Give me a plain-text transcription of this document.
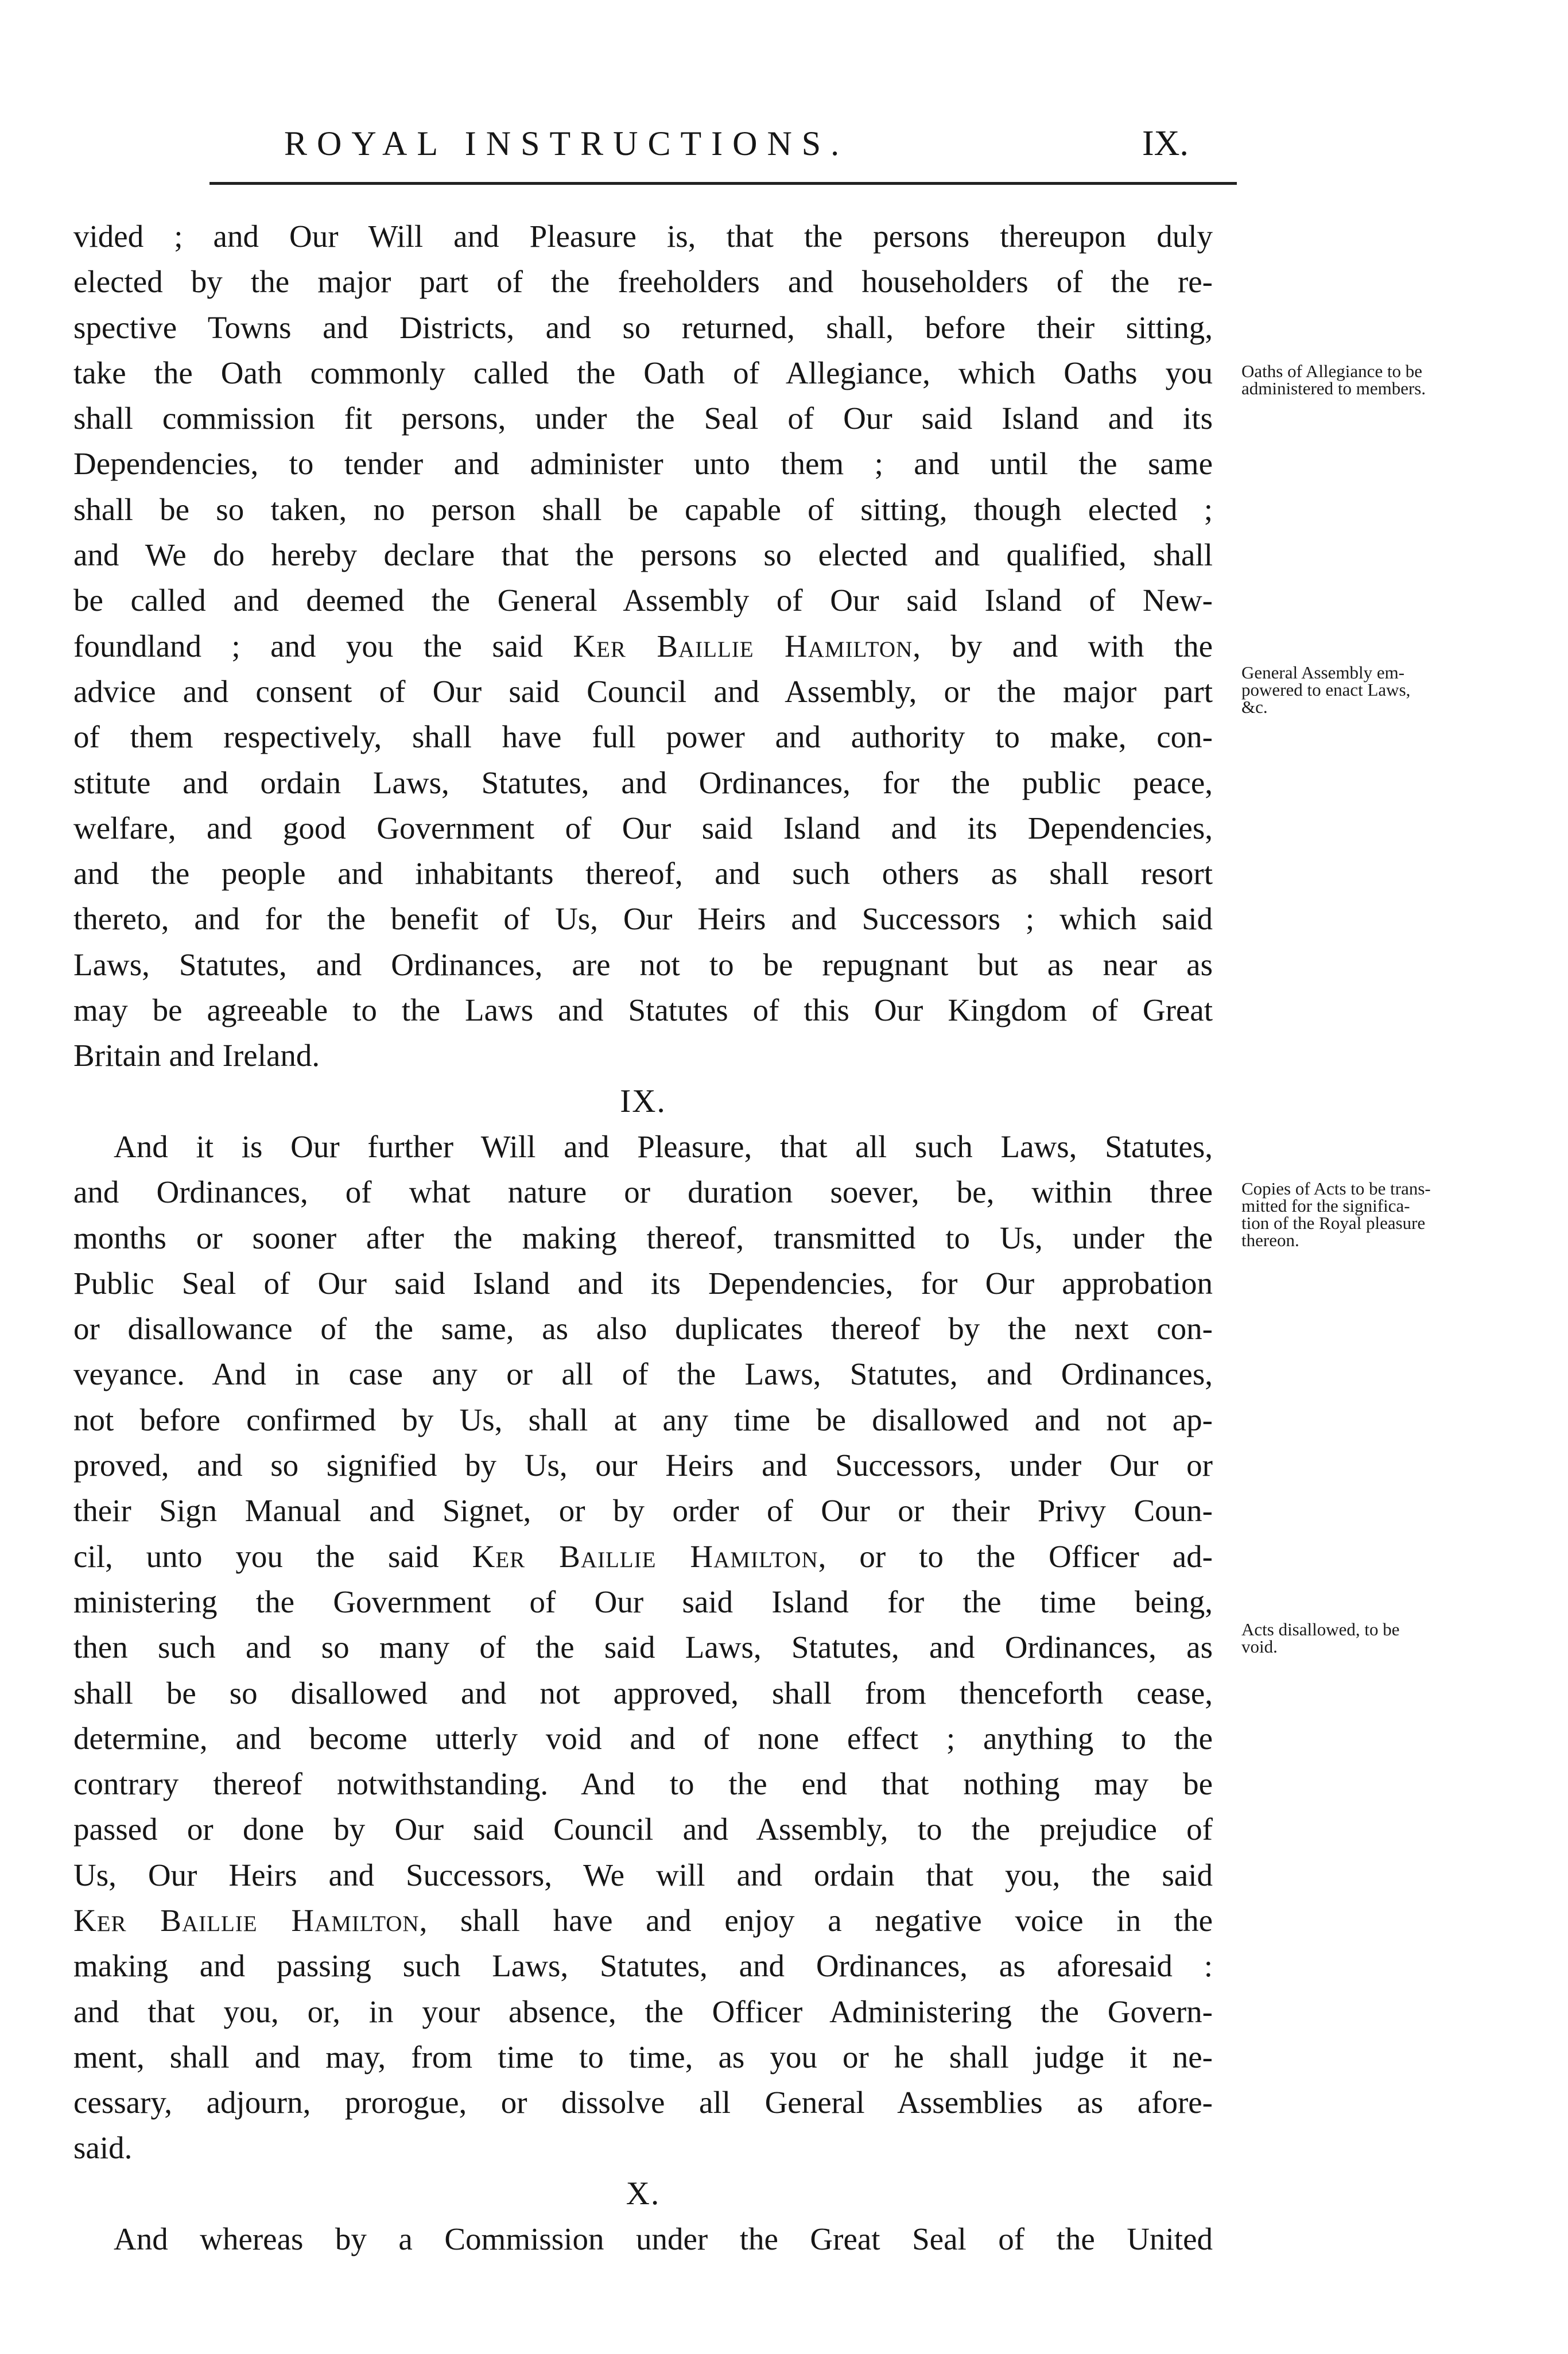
ROYAL INSTRUCTIONS.	IX.
vided ; and Our Will and Pleasure is, that the persons thereupon duly
elected by the major part of the freeholders and householders of the re-
spective Towns and Districts, and so returned, shall, before their sitting,
take the Oath commonly called the Oath of Allegiance, which Oaths you
shall commission fit persons, under the Seal of Our said Island and its
Dependencies, to tender and administer unto them ; and until the same
shall be so taken, no person shall be capable of sitting, though elected ;
and We do hereby declare that the persons so elected and qualified, shall
be called and deemed the General Assembly of Our said Island of New-
foundland ; and you the said Ker Baillie Hamilton, by and with the
advice and consent of Our said Council and Assembly, or the major part
of them respectively, shall have full power and authority to make, con-
stitute and ordain Laws, Statutes, and Ordinances, for the public peace,
welfare, and good Government of Our said Island and its Dependencies,
and the people and inhabitants thereof, and such others as shall resort
thereto, and for the benefit of Us, Our Heirs and Successors ; which said
Laws, Statutes, and Ordinances, are not to be repugnant but as near as
may be agreeable to the Laws and Statutes of this Our Kingdom of Great
Britain and Ireland.
IX.
And it is Our further Will and Pleasure, that all such Laws, Statutes,
and Ordinances, of what nature or duration soever, be, within three
months or sooner after the making thereof, transmitted to Us, under the
Public Seal of Our said Island and its Dependencies, for Our approbation
or disallowance of the same, as also duplicates thereof by the next con-
veyance. And in case any or all of the Laws, Statutes, and Ordinances,
not before confirmed by Us, shall at any time be disallowed and not ap-
proved, and so signified by Us, our Heirs and Successors, under Our or
their Sign Manual and Signet, or by order of Our or their Privy Coun-
cil, unto you the said Ker Baillie Hamilton, or to the Officer ad-
ministering the Government of Our said Island for the time being,
then such and so many of the said Laws, Statutes, and Ordinances, as
shall be so disallowed and not approved, shall from thenceforth cease,
determine, and become utterly void and of none effect ; anything to the
contrary thereof notwithstanding. And to the end that nothing may be
passed or done by Our said Council and Assembly, to the prejudice of
Us, Our Heirs and Successors, We will and ordain that you, the said
Ker Baillie Hamilton, shall have and enjoy a negative voice in the
making and passing such Laws, Statutes, and Ordinances, as aforesaid :
and that you, or, in your absence, the Officer Administering the Govern-
ment, shall and may, from time to time, as you or he shall judge it ne-
cessary, adjourn, prorogue, or dissolve all General Assemblies as afore-
said.
X.
And whereas by a Commission under the Great Seal of the United
Oaths of Allegiance to be
administered to members.
General Assembly em-
powered to enact Laws,
&c.
Copies of Acts to be trans-
mitted for the significa-
tion of the Royal pleasure
thereon.
Acts disallowed, to be
void.
